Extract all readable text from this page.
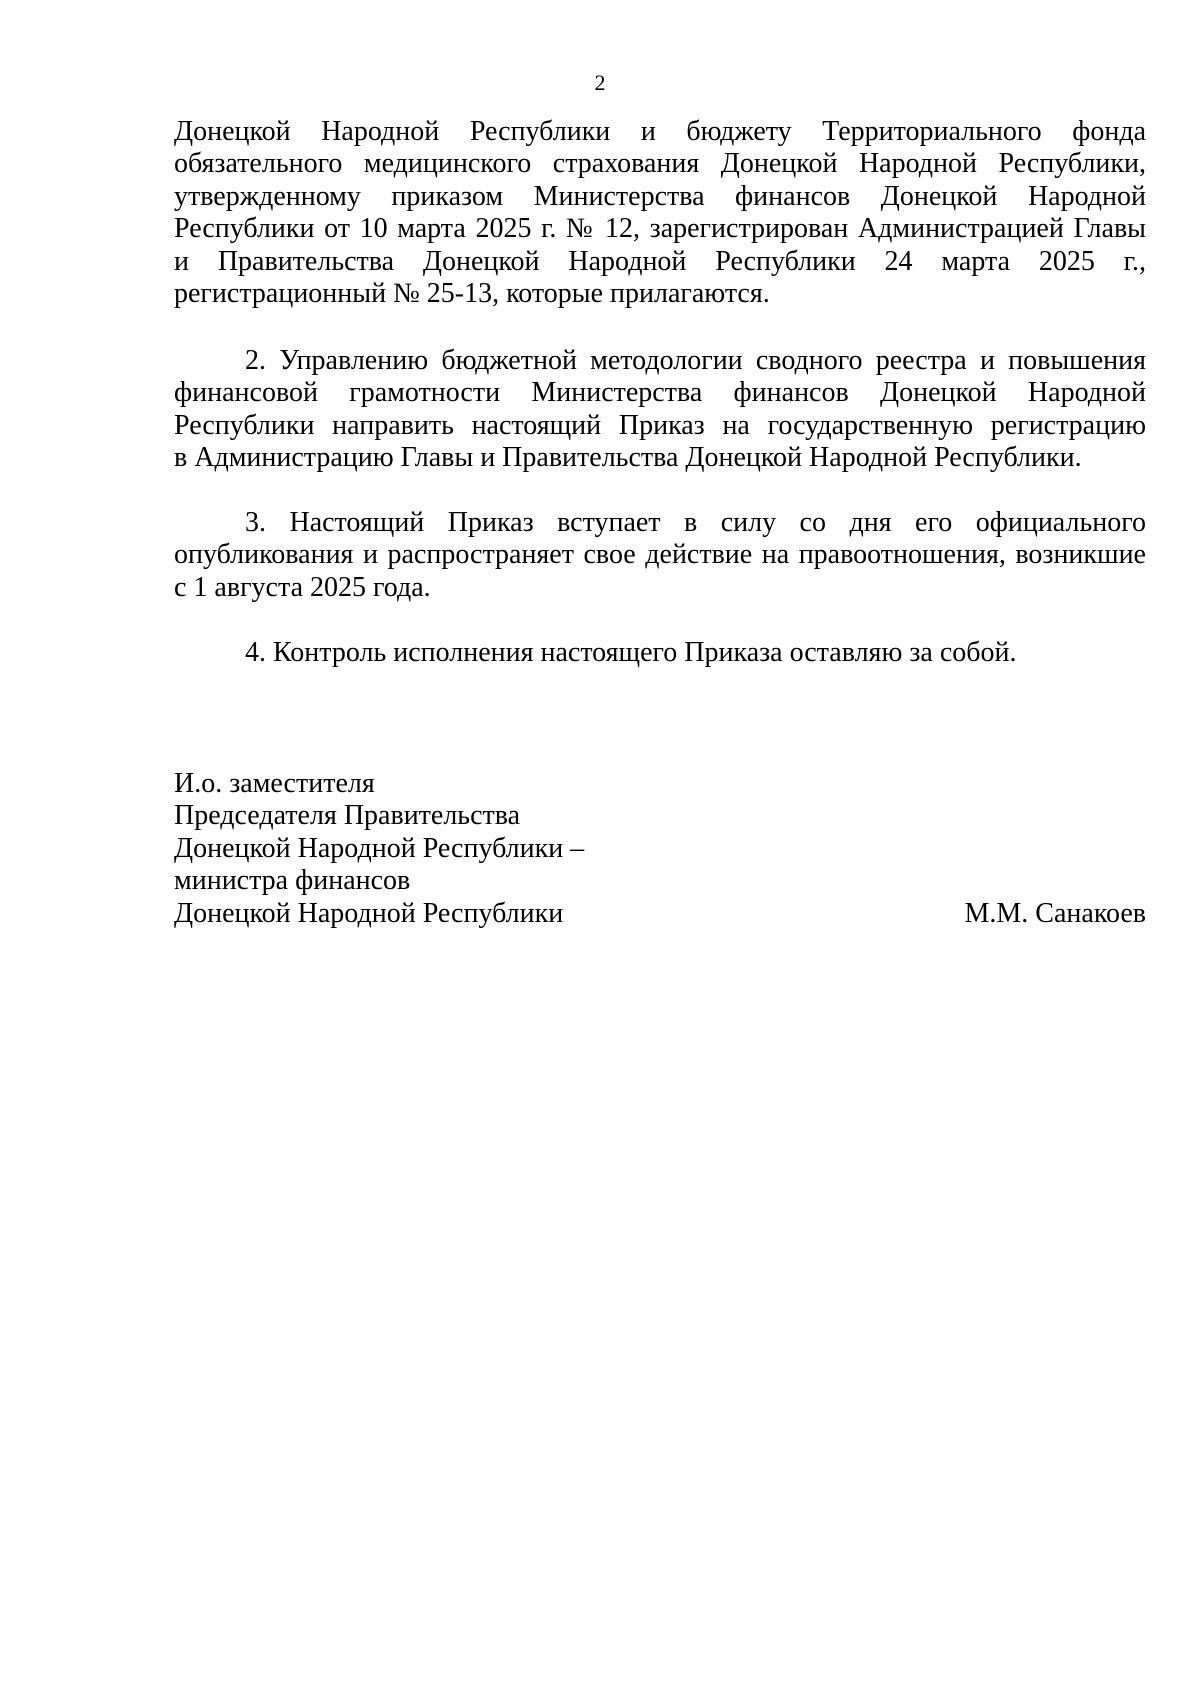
2
Донецкой Народной Республики и бюджету Территориального фонда
обязательного медицинского страхования Донецкой Народной Республики,
утвержденному приказом Министерства финансов Донецкой Народной
Республики от 10 марта 2025 г. № 12, зарегистрирован Администрацией Главы
и Правительства Донецкой Народной Республики 24 марта 2025 г.,
регистрационный № 25-13, которые прилагаются.
2. Управлению бюджетной методологии сводного реестра и повышения
финансовой грамотности Министерства финансов Донецкой Народной
Республики направить настоящий Приказ на государственную регистрацию
в Администрацию Главы и Правительства Донецкой Народной Республики.
3. Настоящий Приказ вступает в силу со дня его официального
опубликования и распространяет свое действие на правоотношения, возникшие
с 1 августа 2025 года.
4. Контроль исполнения настоящего Приказа оставляю за собой.
И.о. заместителя
Председателя Правительства
Донецкой Народной Республики –
министра финансов
Донецкой Народной Республики	М.М. Санакоев
